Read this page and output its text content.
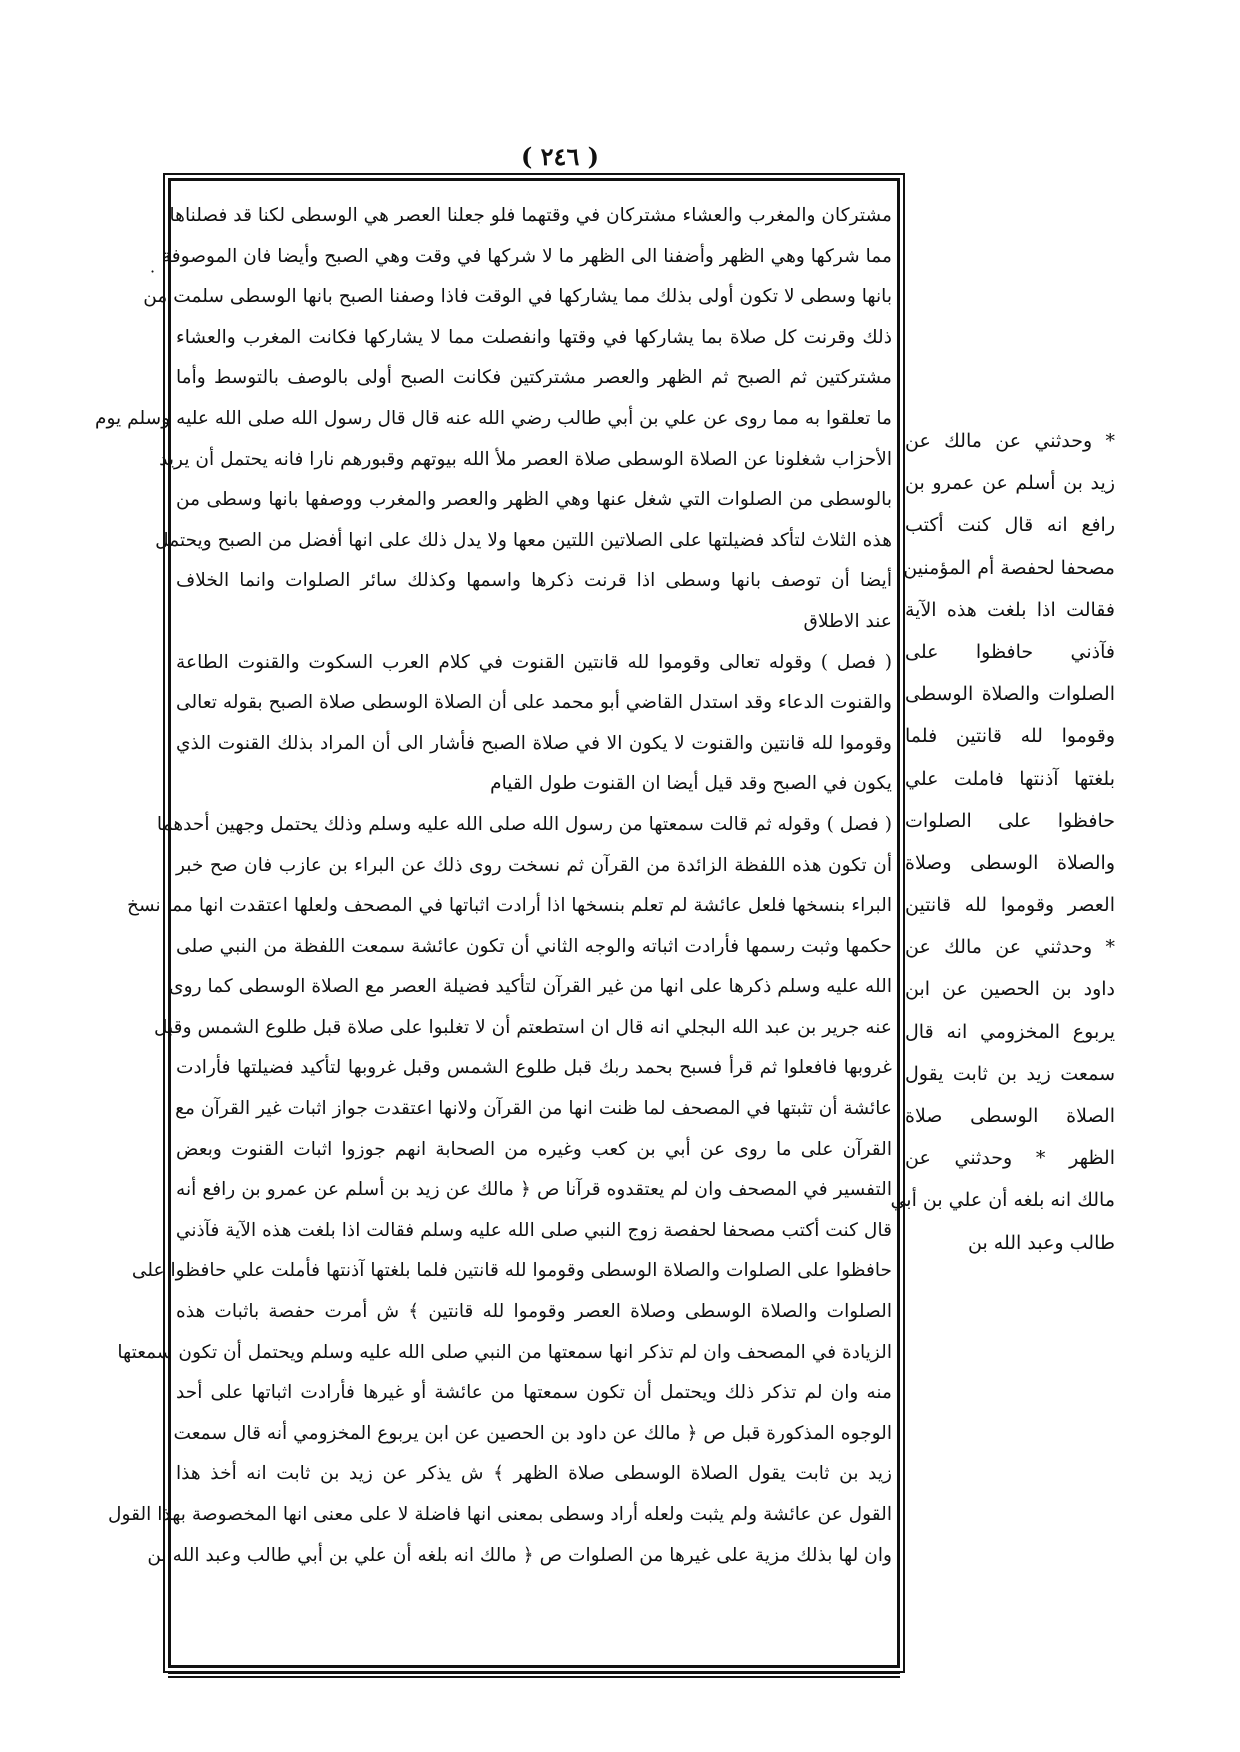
( ٢٤٦ )
·
مشتركان والمغرب والعشاء مشتركان في وقتهما فلو جعلنا العصر هي الوسطى لكنا قد فصلناها
مما شركها وهي الظهر وأضفنا الى الظهر ما لا شركها في وقت وهي الصبح وأيضا فان الموصوفة
بانها وسطى لا تكون أولى بذلك مما يشاركها في الوقت فاذا وصفنا الصبح بانها الوسطى سلمت من
ذلك وقرنت كل صلاة بما يشاركها في وقتها وانفصلت مما لا يشاركها فكانت المغرب والعشاء
مشتركتين ثم الصبح ثم الظهر والعصر مشتركتين فكانت الصبح أولى بالوصف بالتوسط وأما
ما تعلقوا به مما روى عن علي بن أبي طالب رضي الله عنه قال قال رسول الله صلى الله عليه وسلم يوم
الأحزاب شغلونا عن الصلاة الوسطى صلاة العصر ملأ الله بيوتهم وقبورهم نارا فانه يحتمل أن يريد
بالوسطى من الصلوات التي شغل عنها وهي الظهر والعصر والمغرب ووصفها بانها وسطى من
هذه الثلاث لتأكد فضيلتها على الصلاتين اللتين معها ولا يدل ذلك على انها أفضل من الصبح ويحتمل
أيضا أن توصف بانها وسطى اذا قرنت ذكرها واسمها وكذلك سائر الصلوات وانما الخلاف
عند الاطلاق
( فصل ) وقوله تعالى وقوموا لله قانتين القنوت في كلام العرب السكوت والقنوت الطاعة
والقنوت الدعاء وقد استدل القاضي أبو محمد على أن الصلاة الوسطى صلاة الصبح بقوله تعالى
وقوموا لله قانتين والقنوت لا يكون الا في صلاة الصبح فأشار الى أن المراد بذلك القنوت الذي
يكون في الصبح وقد قيل أيضا ان القنوت طول القيام
( فصل ) وقوله ثم قالت سمعتها من رسول الله صلى الله عليه وسلم وذلك يحتمل وجهين أحدهما
أن تكون هذه اللفظة الزائدة من القرآن ثم نسخت روى ذلك عن البراء بن عازب فان صح خبر
البراء بنسخها فلعل عائشة لم تعلم بنسخها اذا أرادت اثباتها في المصحف ولعلها اعتقدت انها مما نسخ
حكمها وثبت رسمها فأرادت اثباته والوجه الثاني أن تكون عائشة سمعت اللفظة من النبي صلى
الله عليه وسلم ذكرها على انها من غير القرآن لتأكيد فضيلة العصر مع الصلاة الوسطى كما روى
عنه جرير بن عبد الله البجلي انه قال ان استطعتم أن لا تغلبوا على صلاة قبل طلوع الشمس وقبل
غروبها فافعلوا ثم قرأ فسبح بحمد ربك قبل طلوع الشمس وقبل غروبها لتأكيد فضيلتها فأرادت
عائشة أن تثبتها في المصحف لما ظنت انها من القرآن ولانها اعتقدت جواز اثبات غير القرآن مع
القرآن على ما روى عن أبي بن كعب وغيره من الصحابة انهم جوزوا اثبات القنوت وبعض
التفسير في المصحف وان لم يعتقدوه قرآنا ص ﴿ مالك عن زيد بن أسلم عن عمرو بن رافع أنه
قال كنت أكتب مصحفا لحفصة زوج النبي صلى الله عليه وسلم فقالت اذا بلغت هذه الآية فآذني
حافظوا على الصلوات والصلاة الوسطى وقوموا لله قانتين فلما بلغتها آذنتها فأملت علي حافظوا على
الصلوات والصلاة الوسطى وصلاة العصر وقوموا لله قانتين ﴾ ش أمرت حفصة باثبات هذه
الزيادة في المصحف وان لم تذكر انها سمعتها من النبي صلى الله عليه وسلم ويحتمل أن تكون سمعتها
منه وان لم تذكر ذلك ويحتمل أن تكون سمعتها من عائشة أو غيرها فأرادت اثباتها على أحد
الوجوه المذكورة قبل ص ﴿ مالك عن داود بن الحصين عن ابن يربوع المخزومي أنه قال سمعت
زيد بن ثابت يقول الصلاة الوسطى صلاة الظهر ﴾ ش يذكر عن زيد بن ثابت انه أخذ هذا
القول عن عائشة ولم يثبت ولعله أراد وسطى بمعنى انها فاضلة لا على معنى انها المخصوصة بهذا القول
وان لها بذلك مزية على غيرها من الصلوات ص ﴿ مالك انه بلغه أن علي بن أبي طالب وعبد الله بن
* وحدثني عن مالك عن
زيد بن أسلم عن عمرو بن
رافع انه قال كنت أكتب
مصحفا لحفصة أم المؤمنين
فقالت اذا بلغت هذه الآية
فآذني حافظوا على
الصلوات والصلاة الوسطى
وقوموا لله قانتين فلما
بلغتها آذنتها فاملت علي
حافظوا على الصلوات
والصلاة الوسطى وصلاة
العصر وقوموا لله قانتين
* وحدثني عن مالك عن
داود بن الحصين عن ابن
يربوع المخزومي انه قال
سمعت زيد بن ثابت يقول
الصلاة الوسطى صلاة
الظهر * وحدثني عن
مالك انه بلغه أن علي بن أبي
طالب وعبد الله بن
